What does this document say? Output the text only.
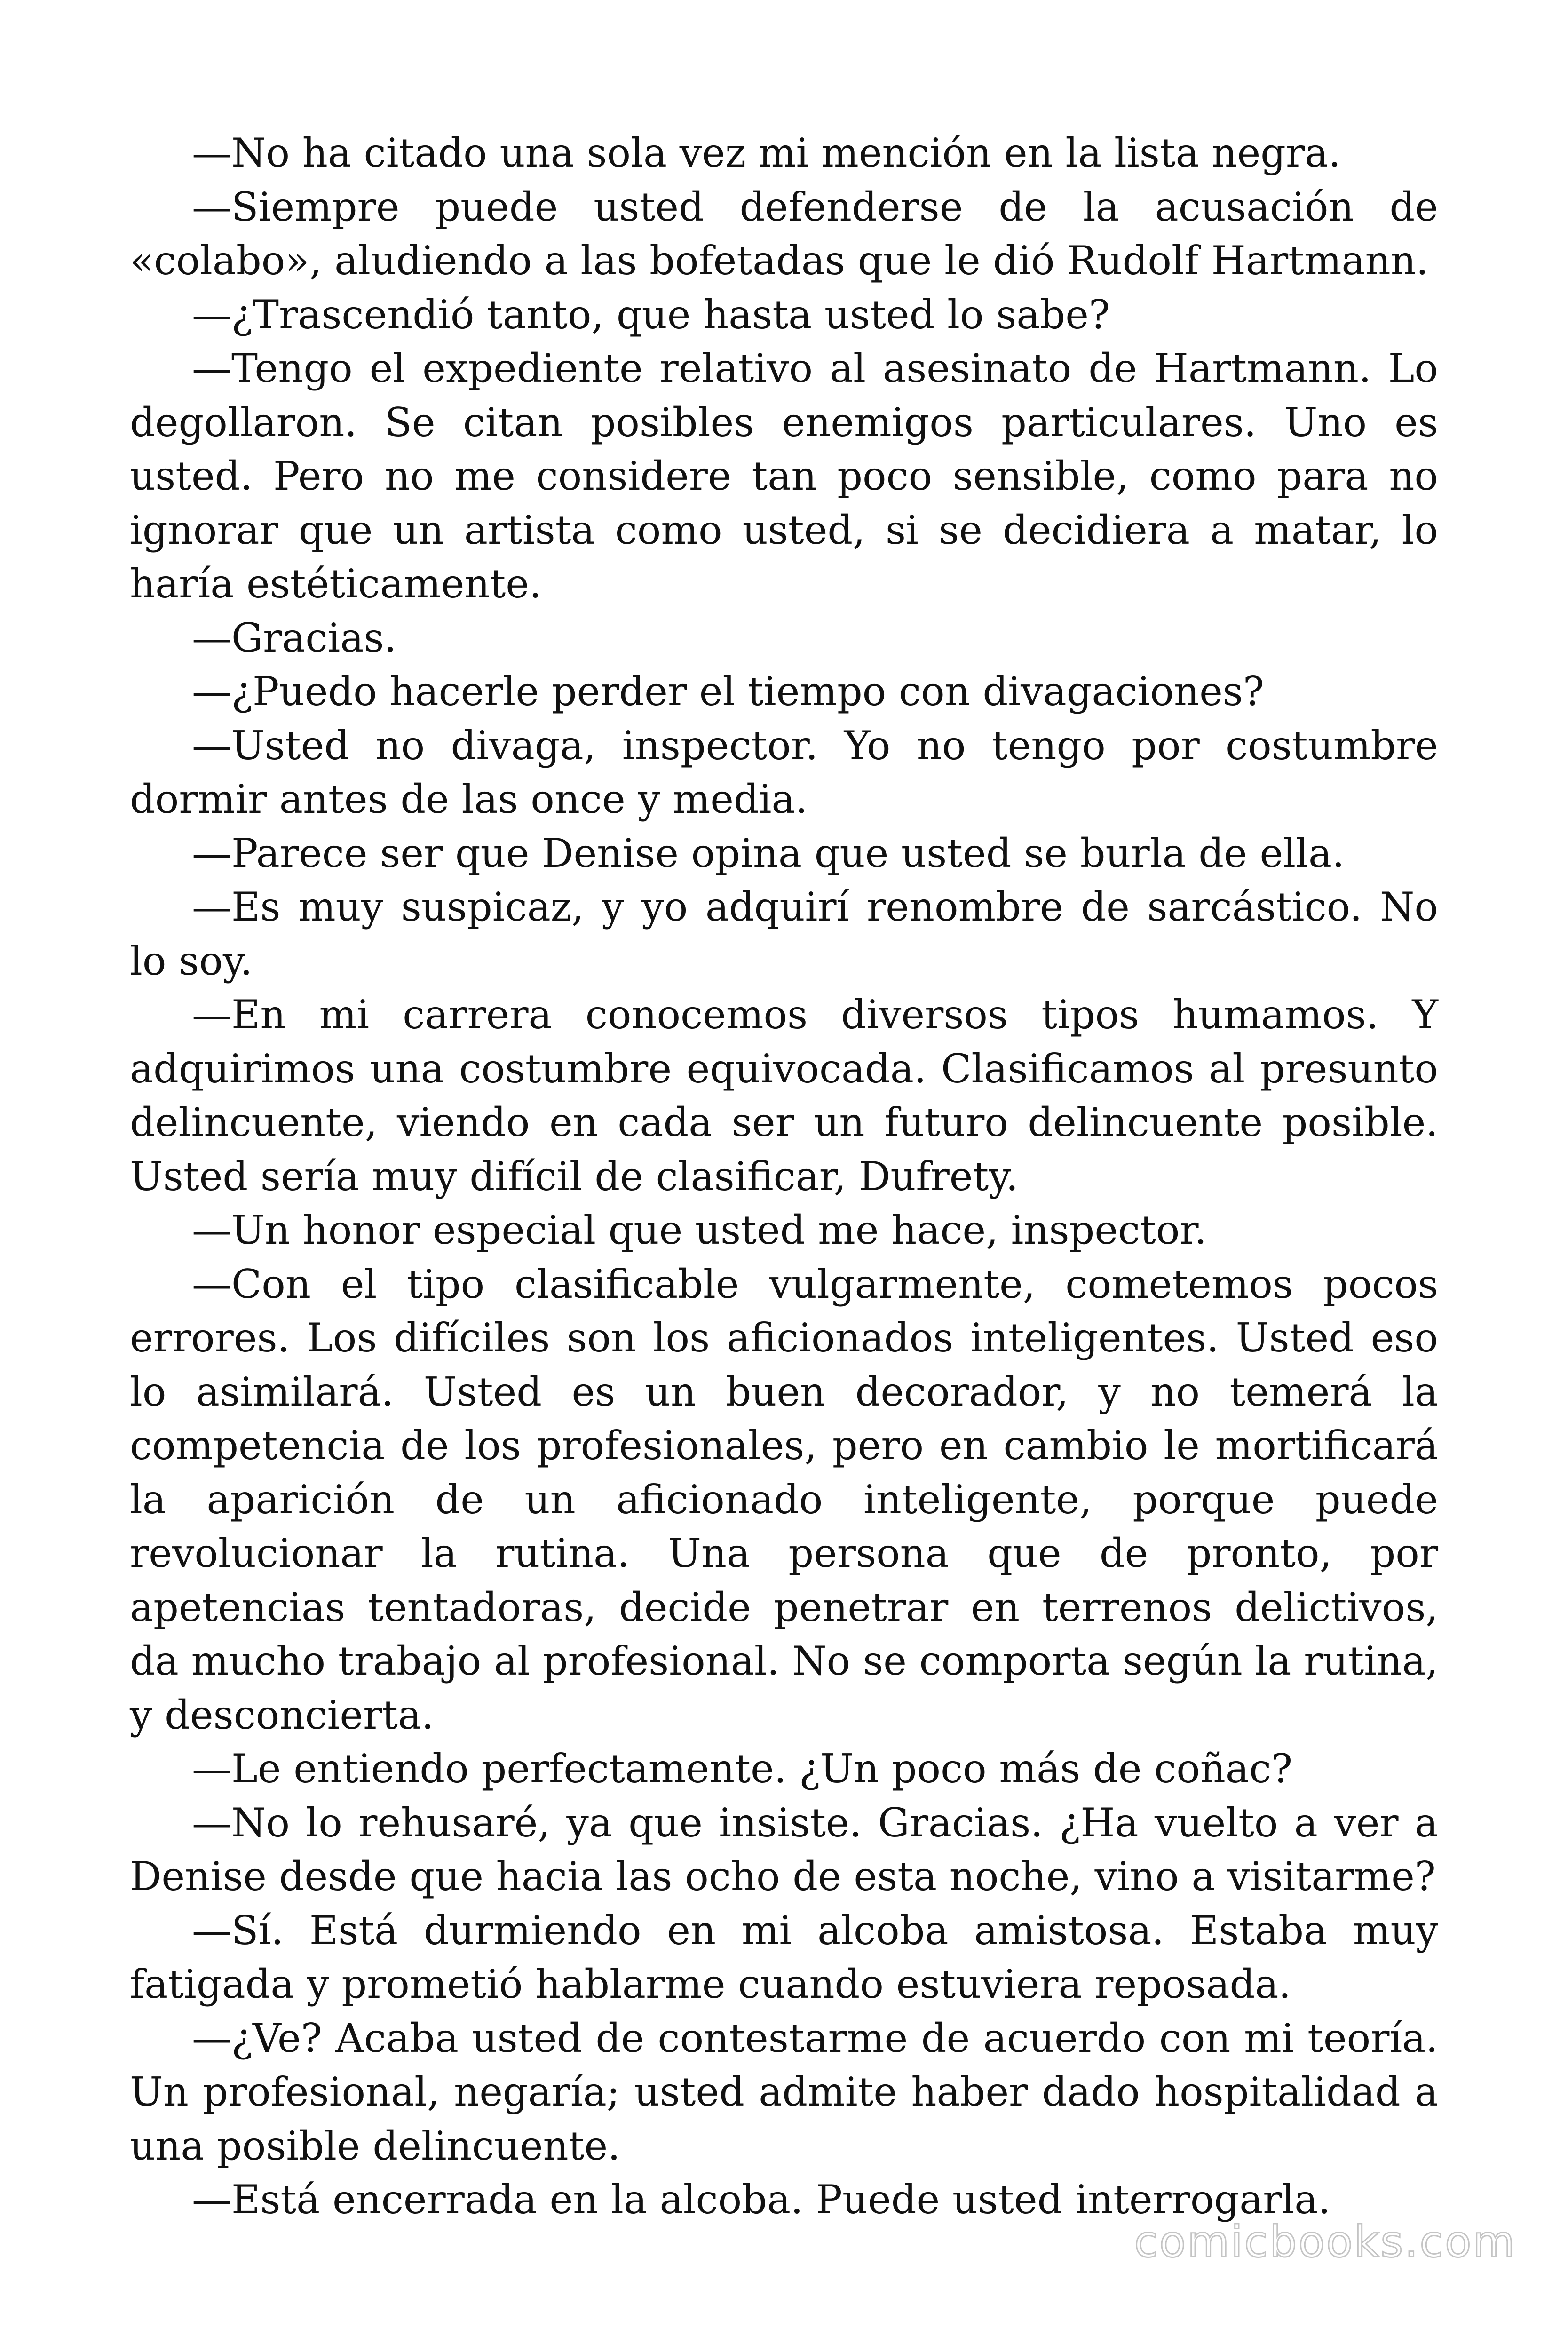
—No ha citado una sola vez mi mención en la lista negra.

—Siempre puede usted defenderse de la acusación de «colabo», aludiendo a las bofetadas que le dió Rudolf Hartmann.

—¿Trascendió tanto, que hasta usted lo sabe?

—Tengo el expediente relativo al asesinato de Hartmann. Lo degollaron. Se citan posibles enemigos particulares. Uno es usted. Pero no me considere tan poco sensible, como para no ignorar que un artista como usted, si se decidiera a matar, lo haría estéticamente.

—Gracias.

—¿Puedo hacerle perder el tiempo con divagaciones?

—Usted no divaga, inspector. Yo no tengo por costumbre dormir antes de las once y media.

—Parece ser que Denise opina que usted se burla de ella.

—Es muy suspicaz, y yo adquirí renombre de sarcástico. No lo soy.

—En mi carrera conocemos diversos tipos humamos. Y adquirimos una costumbre equivocada. Clasificamos al presunto delincuente, viendo en cada ser un futuro delincuente posible. Usted sería muy difícil de clasificar, Dufrety.

—Un honor especial que usted me hace, inspector.

—Con el tipo clasificable vulgarmente, cometemos pocos errores. Los difíciles son los aficionados inteligentes. Usted eso lo asimilará. Usted es un buen decorador, y no temerá la competencia de los profesionales, pero en cambio le mortificará la aparición de un aficionado inteligente, porque puede revolucionar la rutina. Una persona que de pronto, por apetencias tentadoras, decide penetrar en terrenos delictivos, da mucho trabajo al profesional. No se comporta según la rutina, y desconcierta.

—Le entiendo perfectamente. ¿Un poco más de coñac?

—No lo rehusaré, ya que insiste. Gracias. ¿Ha vuelto a ver a Denise desde que hacia las ocho de esta noche, vino a visitarme?

—Sí. Está durmiendo en mi alcoba amistosa. Estaba muy fatigada y prometió hablarme cuando estuviera reposada.

—¿Ve? Acaba usted de contestarme de acuerdo con mi teoría. Un profesional, negaría; usted admite haber dado hospitalidad a una posible delincuente.

—Está encerrada en la alcoba. Puede usted interrogarla.

comicbooks.com
